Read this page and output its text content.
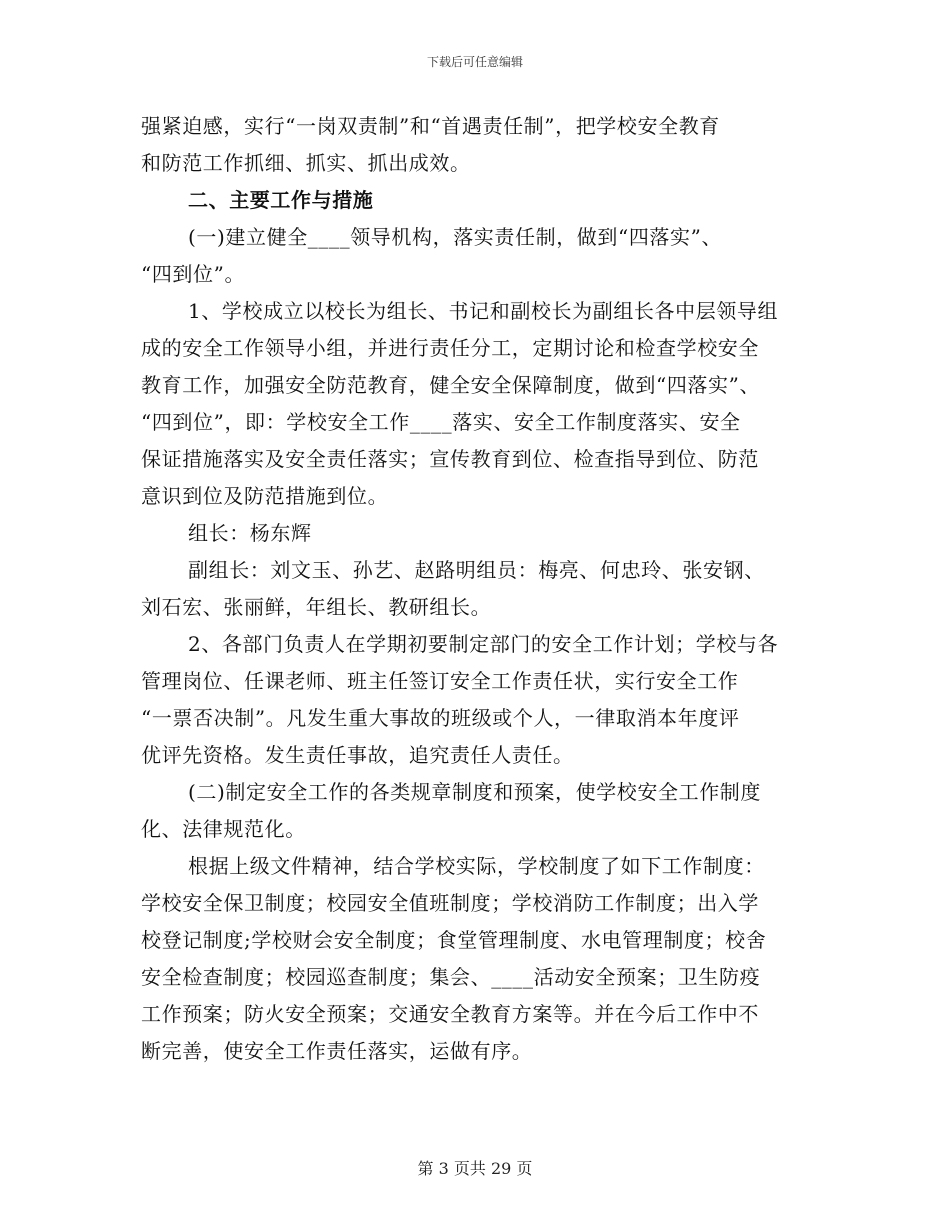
下载后可任意编辑
强紧迫感，实行“一岗双责制”和“首遇责任制”，把学校安全教育
和防范工作抓细、抓实、抓出成效。
二、主要工作与措施
(一)建立健全____领导机构，落实责任制，做到“四落实”、
“四到位”。
1、学校成立以校长为组长、书记和副校长为副组长各中层领导组
成的安全工作领导小组，并进行责任分工，定期讨论和检查学校安全
教育工作，加强安全防范教育，健全安全保障制度，做到“四落实”、
“四到位”，即：学校安全工作____落实、安全工作制度落实、安全
保证措施落实及安全责任落实；宣传教育到位、检查指导到位、防范
意识到位及防范措施到位。
组长：杨东辉
副组长：刘文玉、孙艺、赵路明组员：梅亮、何忠玲、张安钢、
刘石宏、张丽鲜，年组长、教研组长。
2、各部门负责人在学期初要制定部门的安全工作计划；学校与各
管理岗位、任课老师、班主任签订安全工作责任状，实行安全工作
“一票否决制”。凡发生重大事故的班级或个人，一律取消本年度评
优评先资格。发生责任事故，追究责任人责任。
(二)制定安全工作的各类规章制度和预案，使学校安全工作制度
化、法律规范化。
根据上级文件精神，结合学校实际，学校制度了如下工作制度：
学校安全保卫制度；校园安全值班制度；学校消防工作制度；出入学
校登记制度;学校财会安全制度；食堂管理制度、水电管理制度；校舍
安全检查制度；校园巡查制度；集会、____活动安全预案；卫生防疫
工作预案；防火安全预案；交通安全教育方案等。并在今后工作中不
断完善，使安全工作责任落实，运做有序。
第 3 页共 29 页
